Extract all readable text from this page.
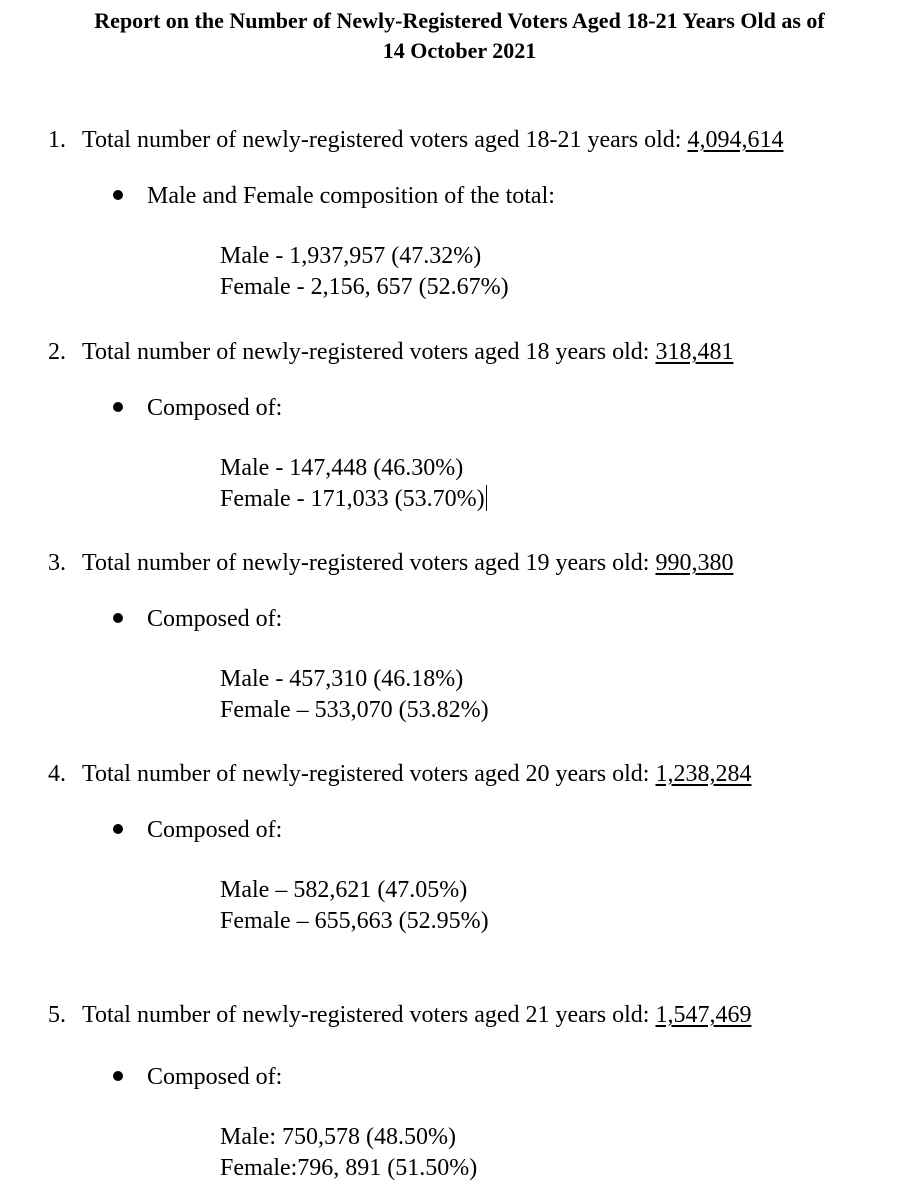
Report on the Number of Newly-Registered Voters Aged 18-21 Years Old as of
14 October 2021
1. Total number of newly-registered voters aged 18-21 years old: 4,094,614
Male and Female composition of the total:
Male - 1,937,957 (47.32%)
Female - 2,156, 657 (52.67%)
2. Total number of newly-registered voters aged 18 years old: 318,481
Composed of:
Male - 147,448 (46.30%)
Female - 171,033 (53.70%)
3. Total number of newly-registered voters aged 19 years old: 990,380
Composed of:
Male - 457,310 (46.18%)
Female – 533,070 (53.82%)
4. Total number of newly-registered voters aged 20 years old: 1,238,284
Composed of:
Male – 582,621 (47.05%)
Female – 655,663 (52.95%)
5. Total number of newly-registered voters aged 21 years old: 1,547,469
Composed of:
Male: 750,578 (48.50%)
Female:796, 891 (51.50%)
